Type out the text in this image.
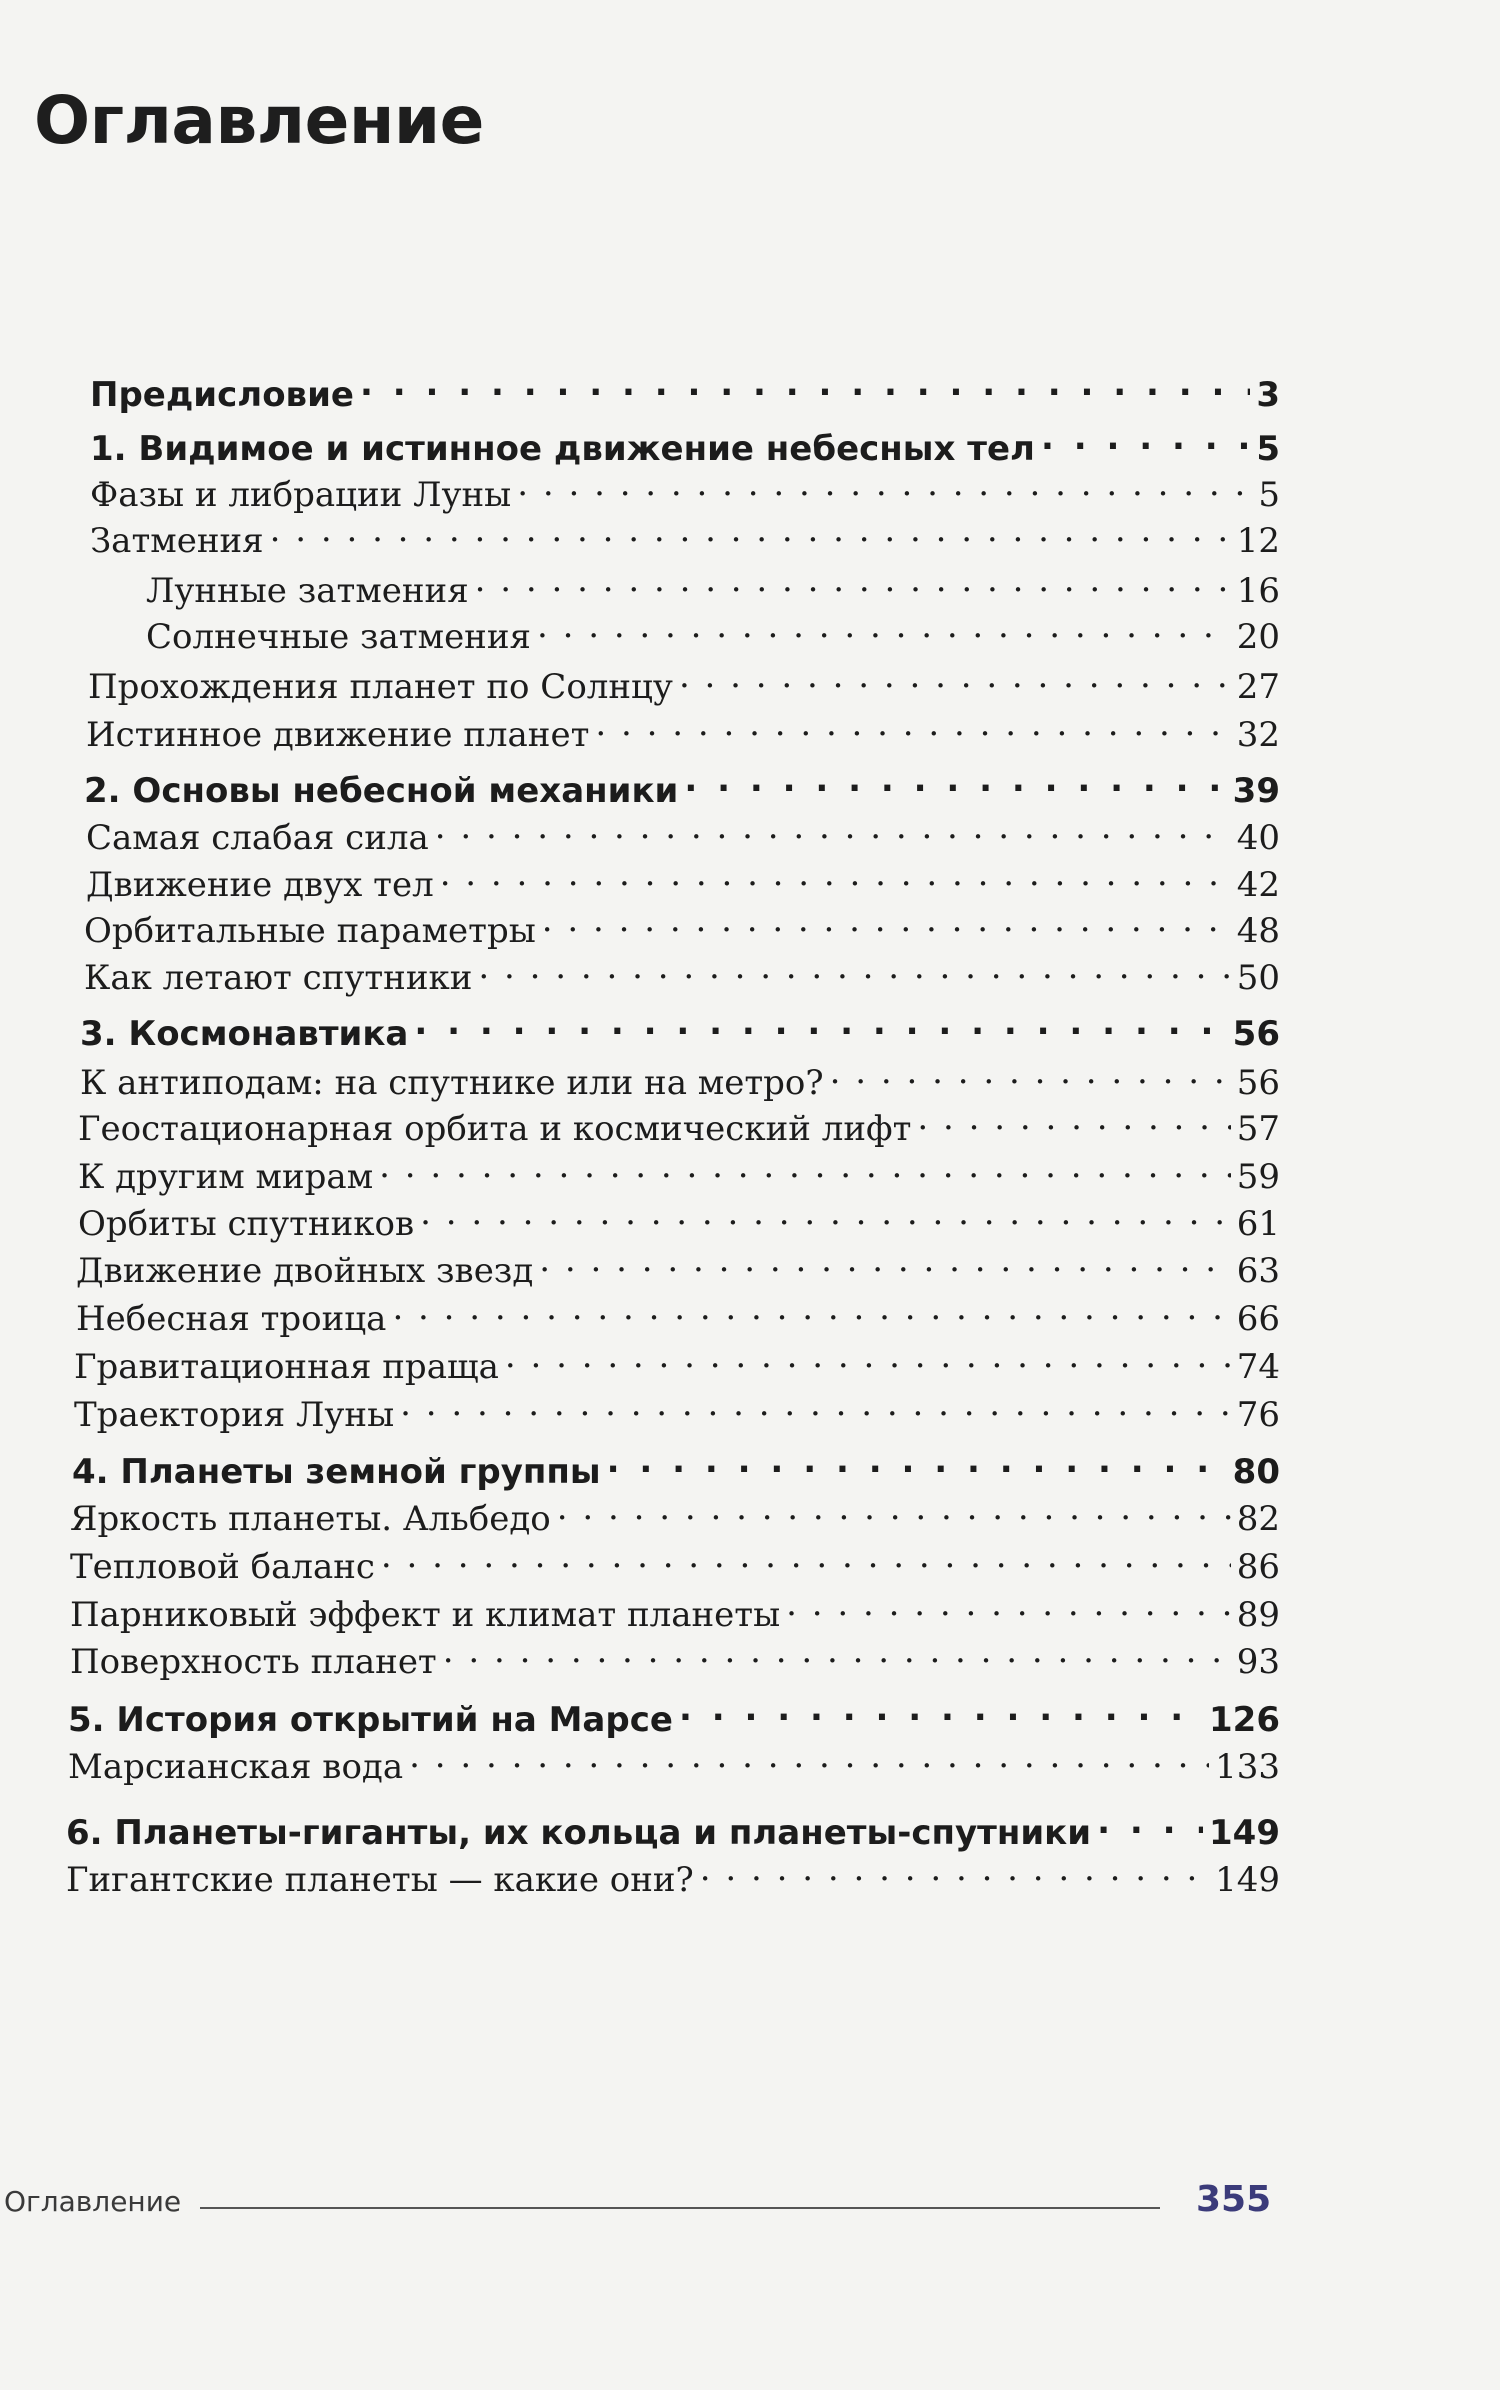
Оглавление
Предисловие . . .	3
1. Видимое и истинное движение небесных тел . . .	5
Фазы и либрации Луны . . .	5
Затмения . . .	12
Лунные затмения . . .	16
Солнечные затмения . . .	20
Прохождения планет по Солнцу . . .	27
Истинное движение планет . . .	32
2. Основы небесной механики . . .	39
Самая слабая сила . . .	40
Движение двух тел . . .	42
Орбитальные параметры . . .	48
Как летают спутники . . .	50
3. Космонавтика . . .	56
К антиподам: на спутнике или на метро? . . .	56
Геостационарная орбита и космический лифт . . .	57
К другим мирам . . .	59
Орбиты спутников . . .	61
Движение двойных звезд . . .	63
Небесная троица . . .	66
Гравитационная праща . . .	74
Траектория Луны . . .	76
4. Планеты земной группы . . .	80
Яркость планеты. Альбедо . . .	82
Тепловой баланс . . .	86
Парниковый эффект и климат планеты . . .	89
Поверхность планет . . .	93
5. История открытий на Марсе . . .	126
Марсианская вода . . .	133
6. Планеты-гиганты, их кольца и планеты-спутники . . .	149
Гигантские планеты — какие они? . . .	149
Оглавление	355
